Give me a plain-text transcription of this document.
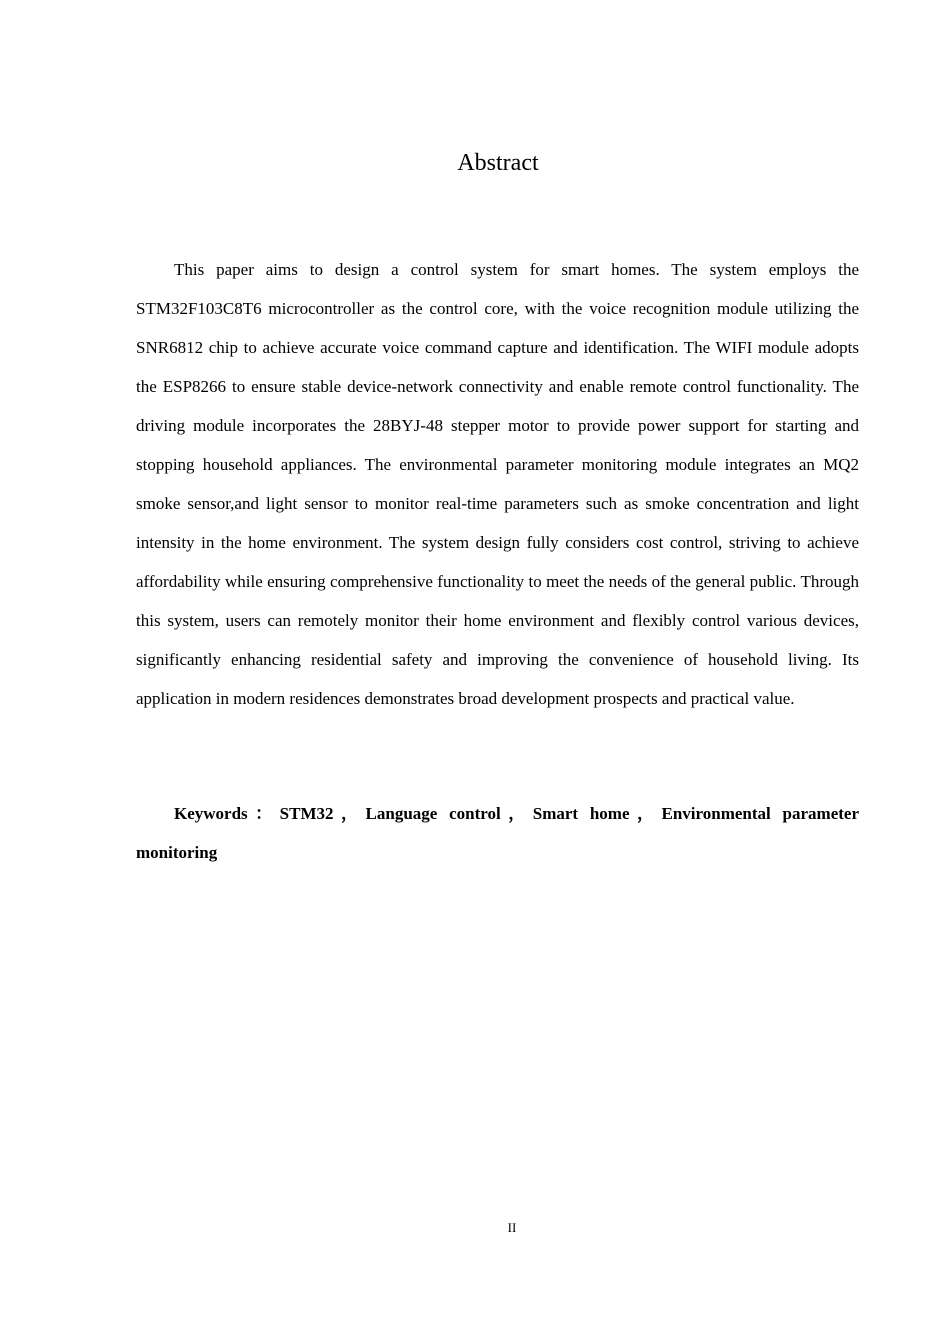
Abstract

This paper aims to design a control system for smart homes. The system employs the STM32F103C8T6 microcontroller as the control core, with the voice recognition module utilizing the SNR6812 chip to achieve accurate voice command capture and identification. The WIFI module adopts the ESP8266 to ensure stable device-network connectivity and enable remote control functionality. The driving module incorporates the 28BYJ-48 stepper motor to provide power support for starting and stopping household appliances. The environmental parameter monitoring module integrates an MQ2 smoke sensor,and light sensor to monitor real-time parameters such as smoke concentration and light intensity in the home environment. The system design fully considers cost control, striving to achieve affordability while ensuring comprehensive functionality to meet the needs of the general public. Through this system, users can remotely monitor their home environment and flexibly control various devices, significantly enhancing residential safety and improving the convenience of household living. Its application in modern residences demonstrates broad development prospects and practical value.

Keywords：STM32，Language control，Smart home，Environmental parameter monitoring

II
